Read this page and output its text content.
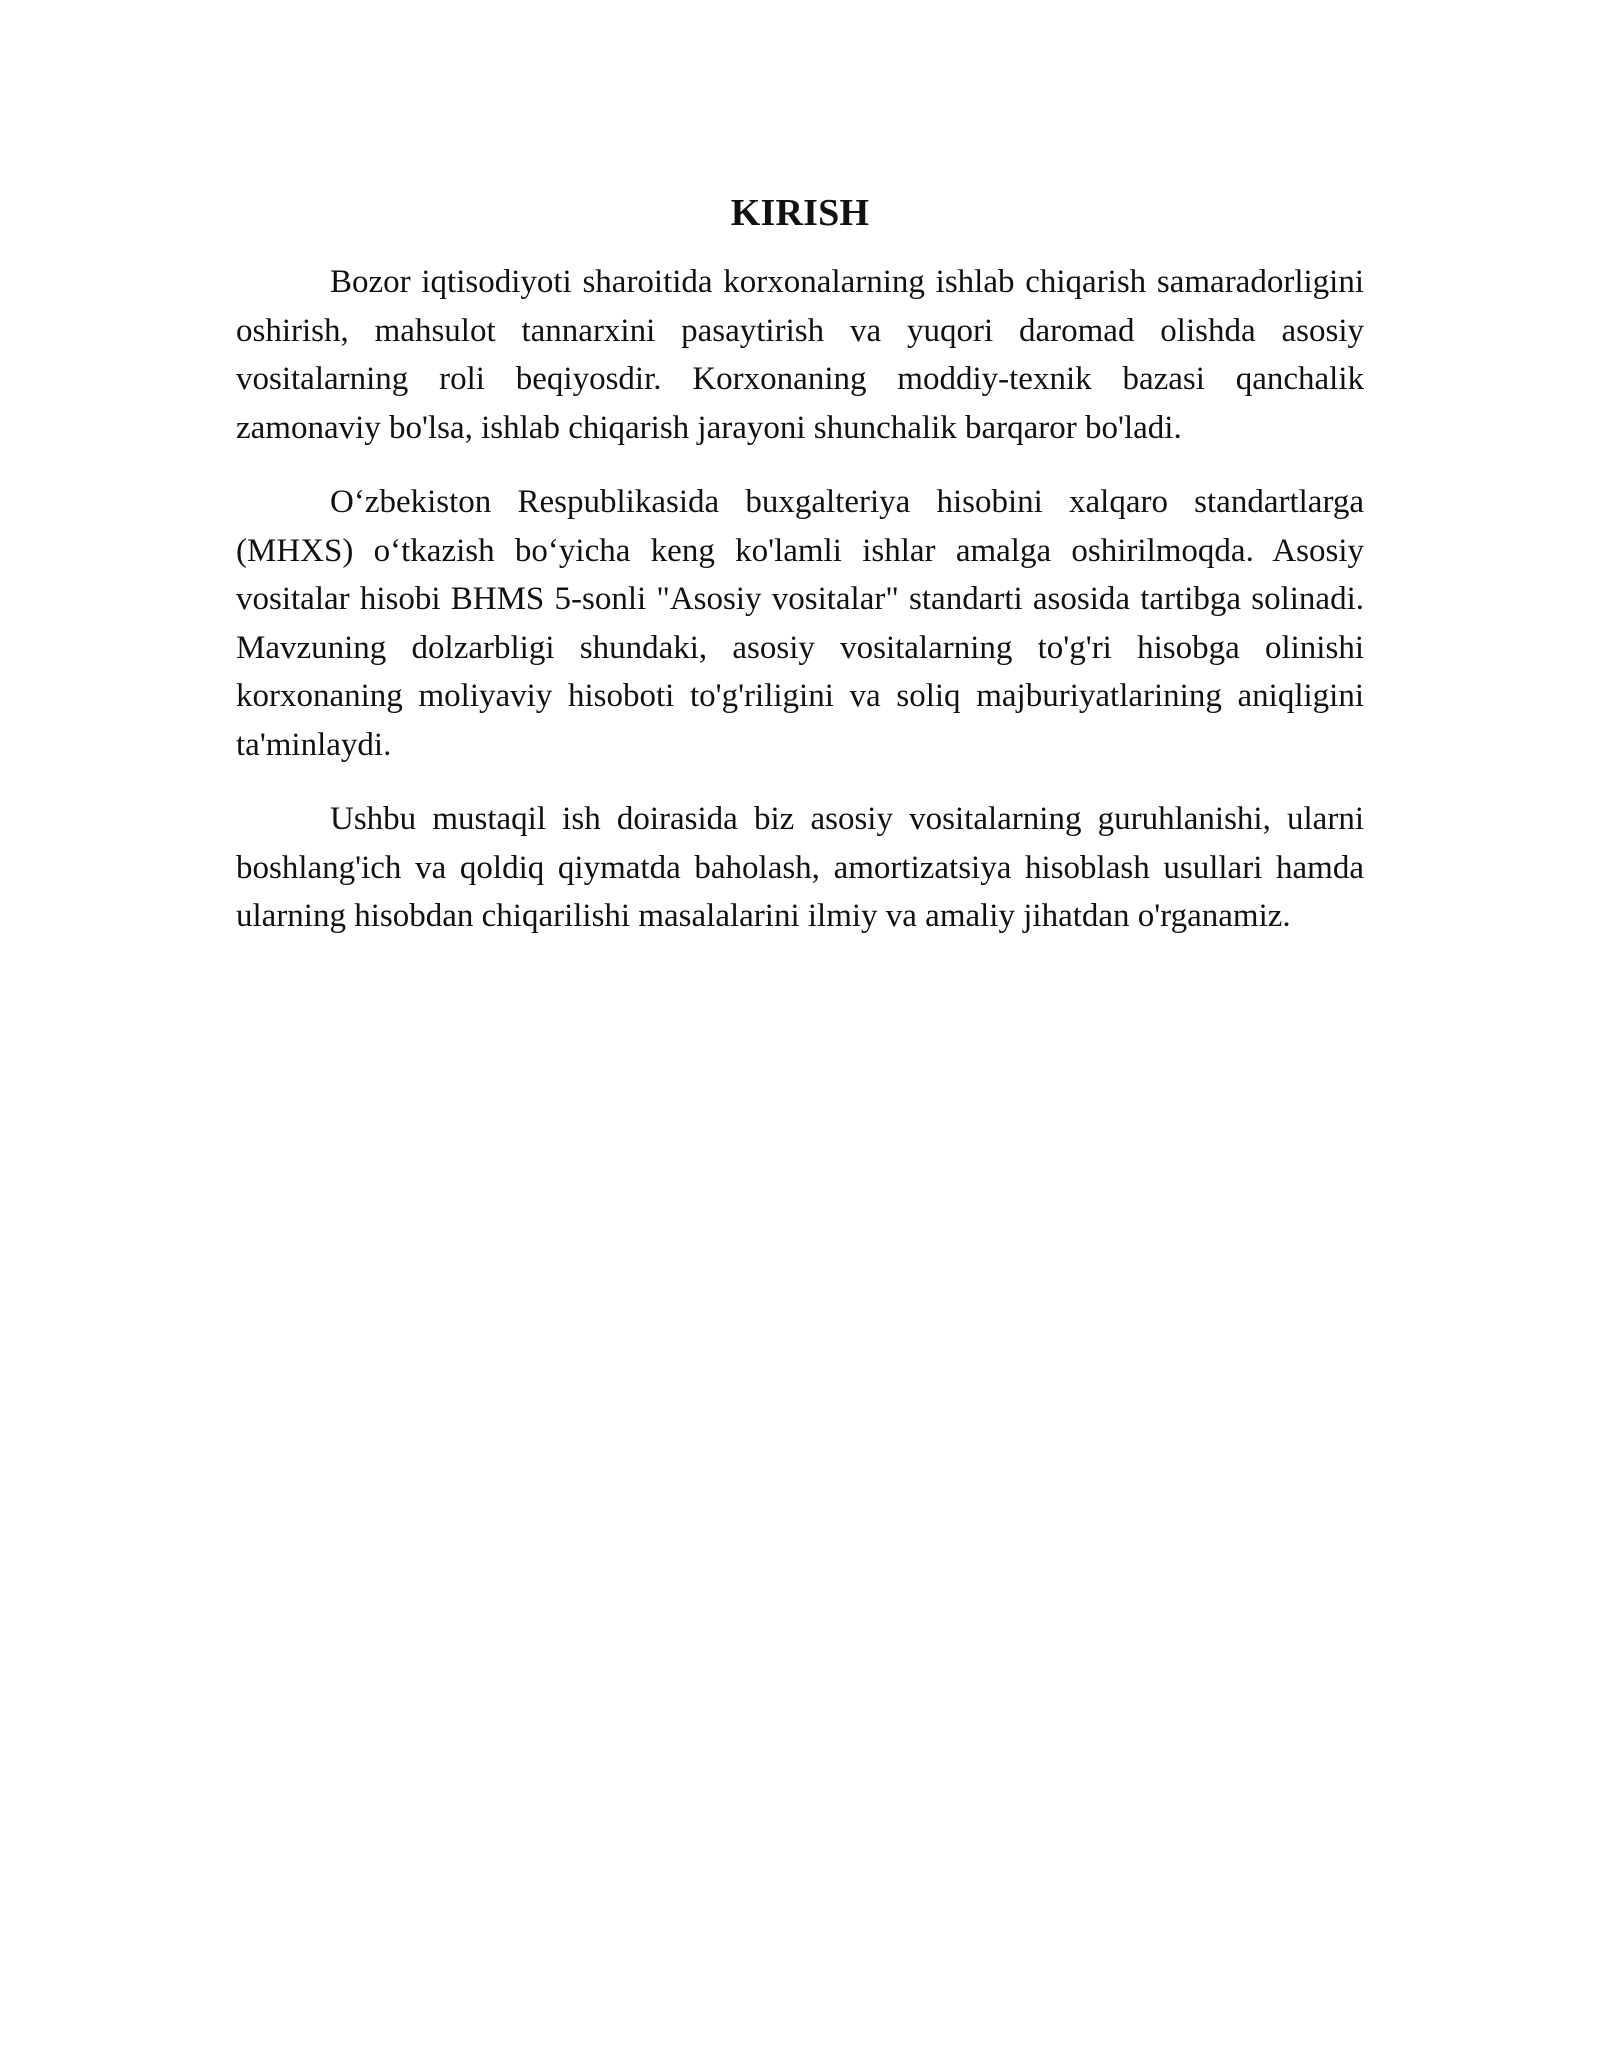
KIRISH

Bozor iqtisodiyoti sharoitida korxonalarning ishlab chiqarish samaradorligini oshirish, mahsulot tannarxini pasaytirish va yuqori daromad olishda asosiy vositalarning roli beqiyosdir. Korxonaning moddiy-texnik bazasi qanchalik zamonaviy bo'lsa, ishlab chiqarish jarayoni shunchalik barqaror bo'ladi.

O‘zbekiston Respublikasida buxgalteriya hisobini xalqaro standartlarga (MHXS) o‘tkazish bo‘yicha keng ko'lamli ishlar amalga oshirilmoqda. Asosiy vositalar hisobi BHMS 5-sonli "Asosiy vositalar" standarti asosida tartibga solinadi. Mavzuning dolzarbligi shundaki, asosiy vositalarning to'g'ri hisobga olinishi korxonaning moliyaviy hisoboti to'g'riligini va soliq majburiyatlarining aniqligini ta'minlaydi.

Ushbu mustaqil ish doirasida biz asosiy vositalarning guruhlanishi, ularni boshlang'ich va qoldiq qiymatda baholash, amortizatsiya hisoblash usullari hamda ularning hisobdan chiqarilishi masalalarini ilmiy va amaliy jihatdan o'rganamiz.
